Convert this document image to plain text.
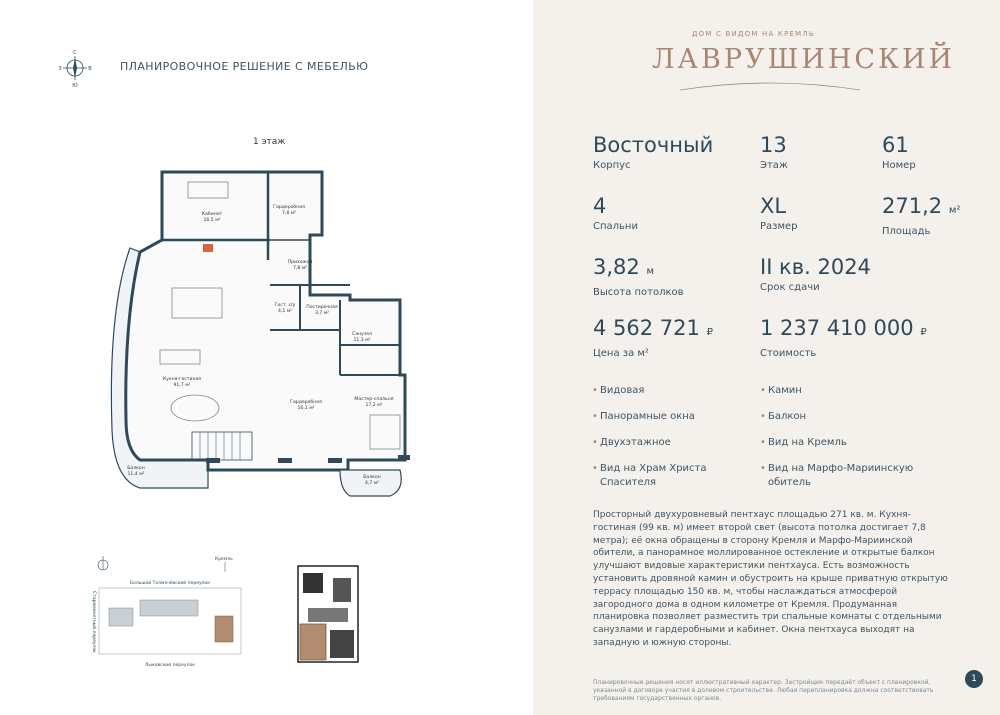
С
Ю
З	В	ПЛАНИРОВОЧНОЕ РЕШЕНИЕ С МЕБЕЛЬЮ
1 этаж
Кабинет
16,5 м²
Гардеробная
7,8 м²
Прихожая
7,8 м²
Гост. с/у
4,1 м²
Постирочная
3,7 м²
Санузел
11,3 м²
Кухня-гостиная
91,7 м²
Гардеробная
16,1 м²
Мастер-спальня
17,2 м²
Балкон
11,4 м²
Балкон
4,7 м²
Кремль
Большой Толмачёвский переулок
Лыковский переулок
Старомонетный переулок
ДОМ С ВИДОМ НА КРЕМЛЬ
ЛАВРУШИНСКИЙ
Восточный
Корпус
13
Этаж
61
Номер
4
Спальни
XL
Размер
271,2 м²
Площадь
3,82 м
Высота потолков
II кв. 2024
Срок сдачи
4 562 721 ₽
Цена за м²
1 237 410 000 ₽
Стоимость
• Видовая
• Панорамные окна
• Двухэтажное
• Вид на Храм Христа Спасителя
• Камин
• Балкон
• Вид на Кремль
• Вид на Марфо-Мариинскую обитель
Просторный двухуровневый пентхаус площадью 271 кв. м. Кухня-гостиная (99 кв. м) имеет второй свет (высота потолка достигает 7,8 метра); её окна обращены в сторону Кремля и Марфо-Мариинской обители, а панорамное моллированное остекление и открытые балкон улучшают видовые характеристики пентхауса. Есть возможность установить дровяной камин и обустроить на крыше приватную открытую террасу площадью 150 кв. м, чтобы наслаждаться атмосферой загородного дома в одном километре от Кремля. Продуманная планировка позволяет разместить три спальные комнаты с отдельными санузлами и гардеробными и кабинет. Окна пентхауса выходят на западную и южную стороны.
Планировочные решения носят иллюстративный характер. Застройщик передаёт объект с планировкой, указанной в договоре участия в долевом строительстве. Любая перепланировка должна соответствовать требованиям государственных органов.
1
